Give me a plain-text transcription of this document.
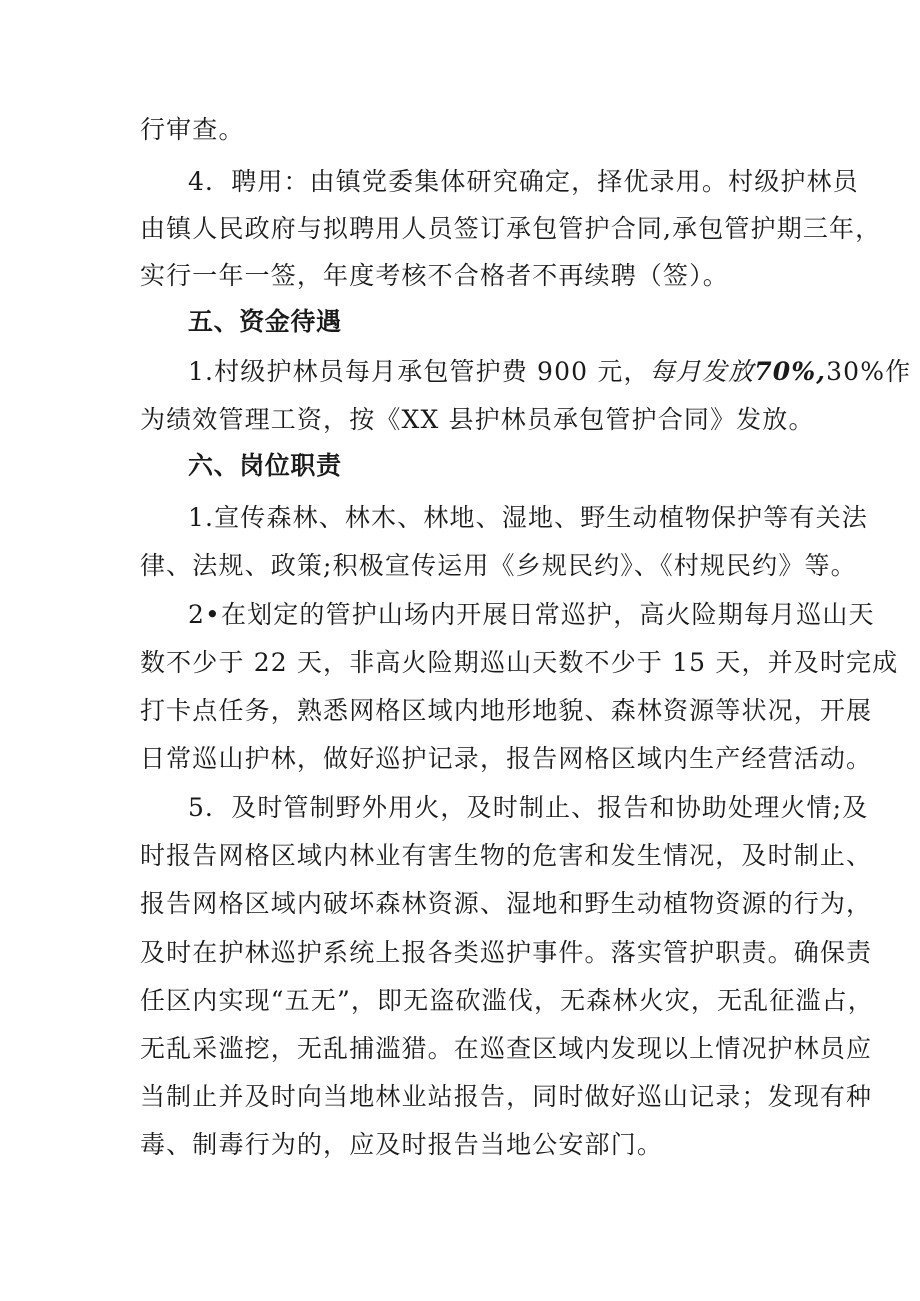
行审查。
4．聘用：由镇党委集体研究确定，择优录用。村级护林员
由镇人民政府与拟聘用人员签订承包管护合同,承包管护期三年，
实行一年一签，年度考核不合格者不再续聘（签）。
五、资金待遇
1.村级护林员每月承包管护费 900 元，每月发放70%,30%作
为绩效管理工资，按《XX 县护林员承包管护合同》发放。
六、岗位职责
1.宣传森林、林木、林地、湿地、野生动植物保护等有关法
律、法规、政策;积极宣传运用《乡规民约》、《村规民约》等。
2•在划定的管护山场内开展日常巡护，高火险期每月巡山天
数不少于 22 天，非高火险期巡山天数不少于 15 天，并及时完成
打卡点任务，熟悉网格区域内地形地貌、森林资源等状况，开展
日常巡山护林，做好巡护记录，报告网格区域内生产经营活动。
5．及时管制野外用火，及时制止、报告和协助处理火情;及
时报告网格区域内林业有害生物的危害和发生情况，及时制止、
报告网格区域内破坏森林资源、湿地和野生动植物资源的行为，
及时在护林巡护系统上报各类巡护事件。落实管护职责。确保责
任区内实现“五无”，即无盗砍滥伐，无森林火灾，无乱征滥占，
无乱采滥挖，无乱捕滥猎。在巡查区域内发现以上情况护林员应
当制止并及时向当地林业站报告，同时做好巡山记录；发现有种
毒、制毒行为的，应及时报告当地公安部门。
